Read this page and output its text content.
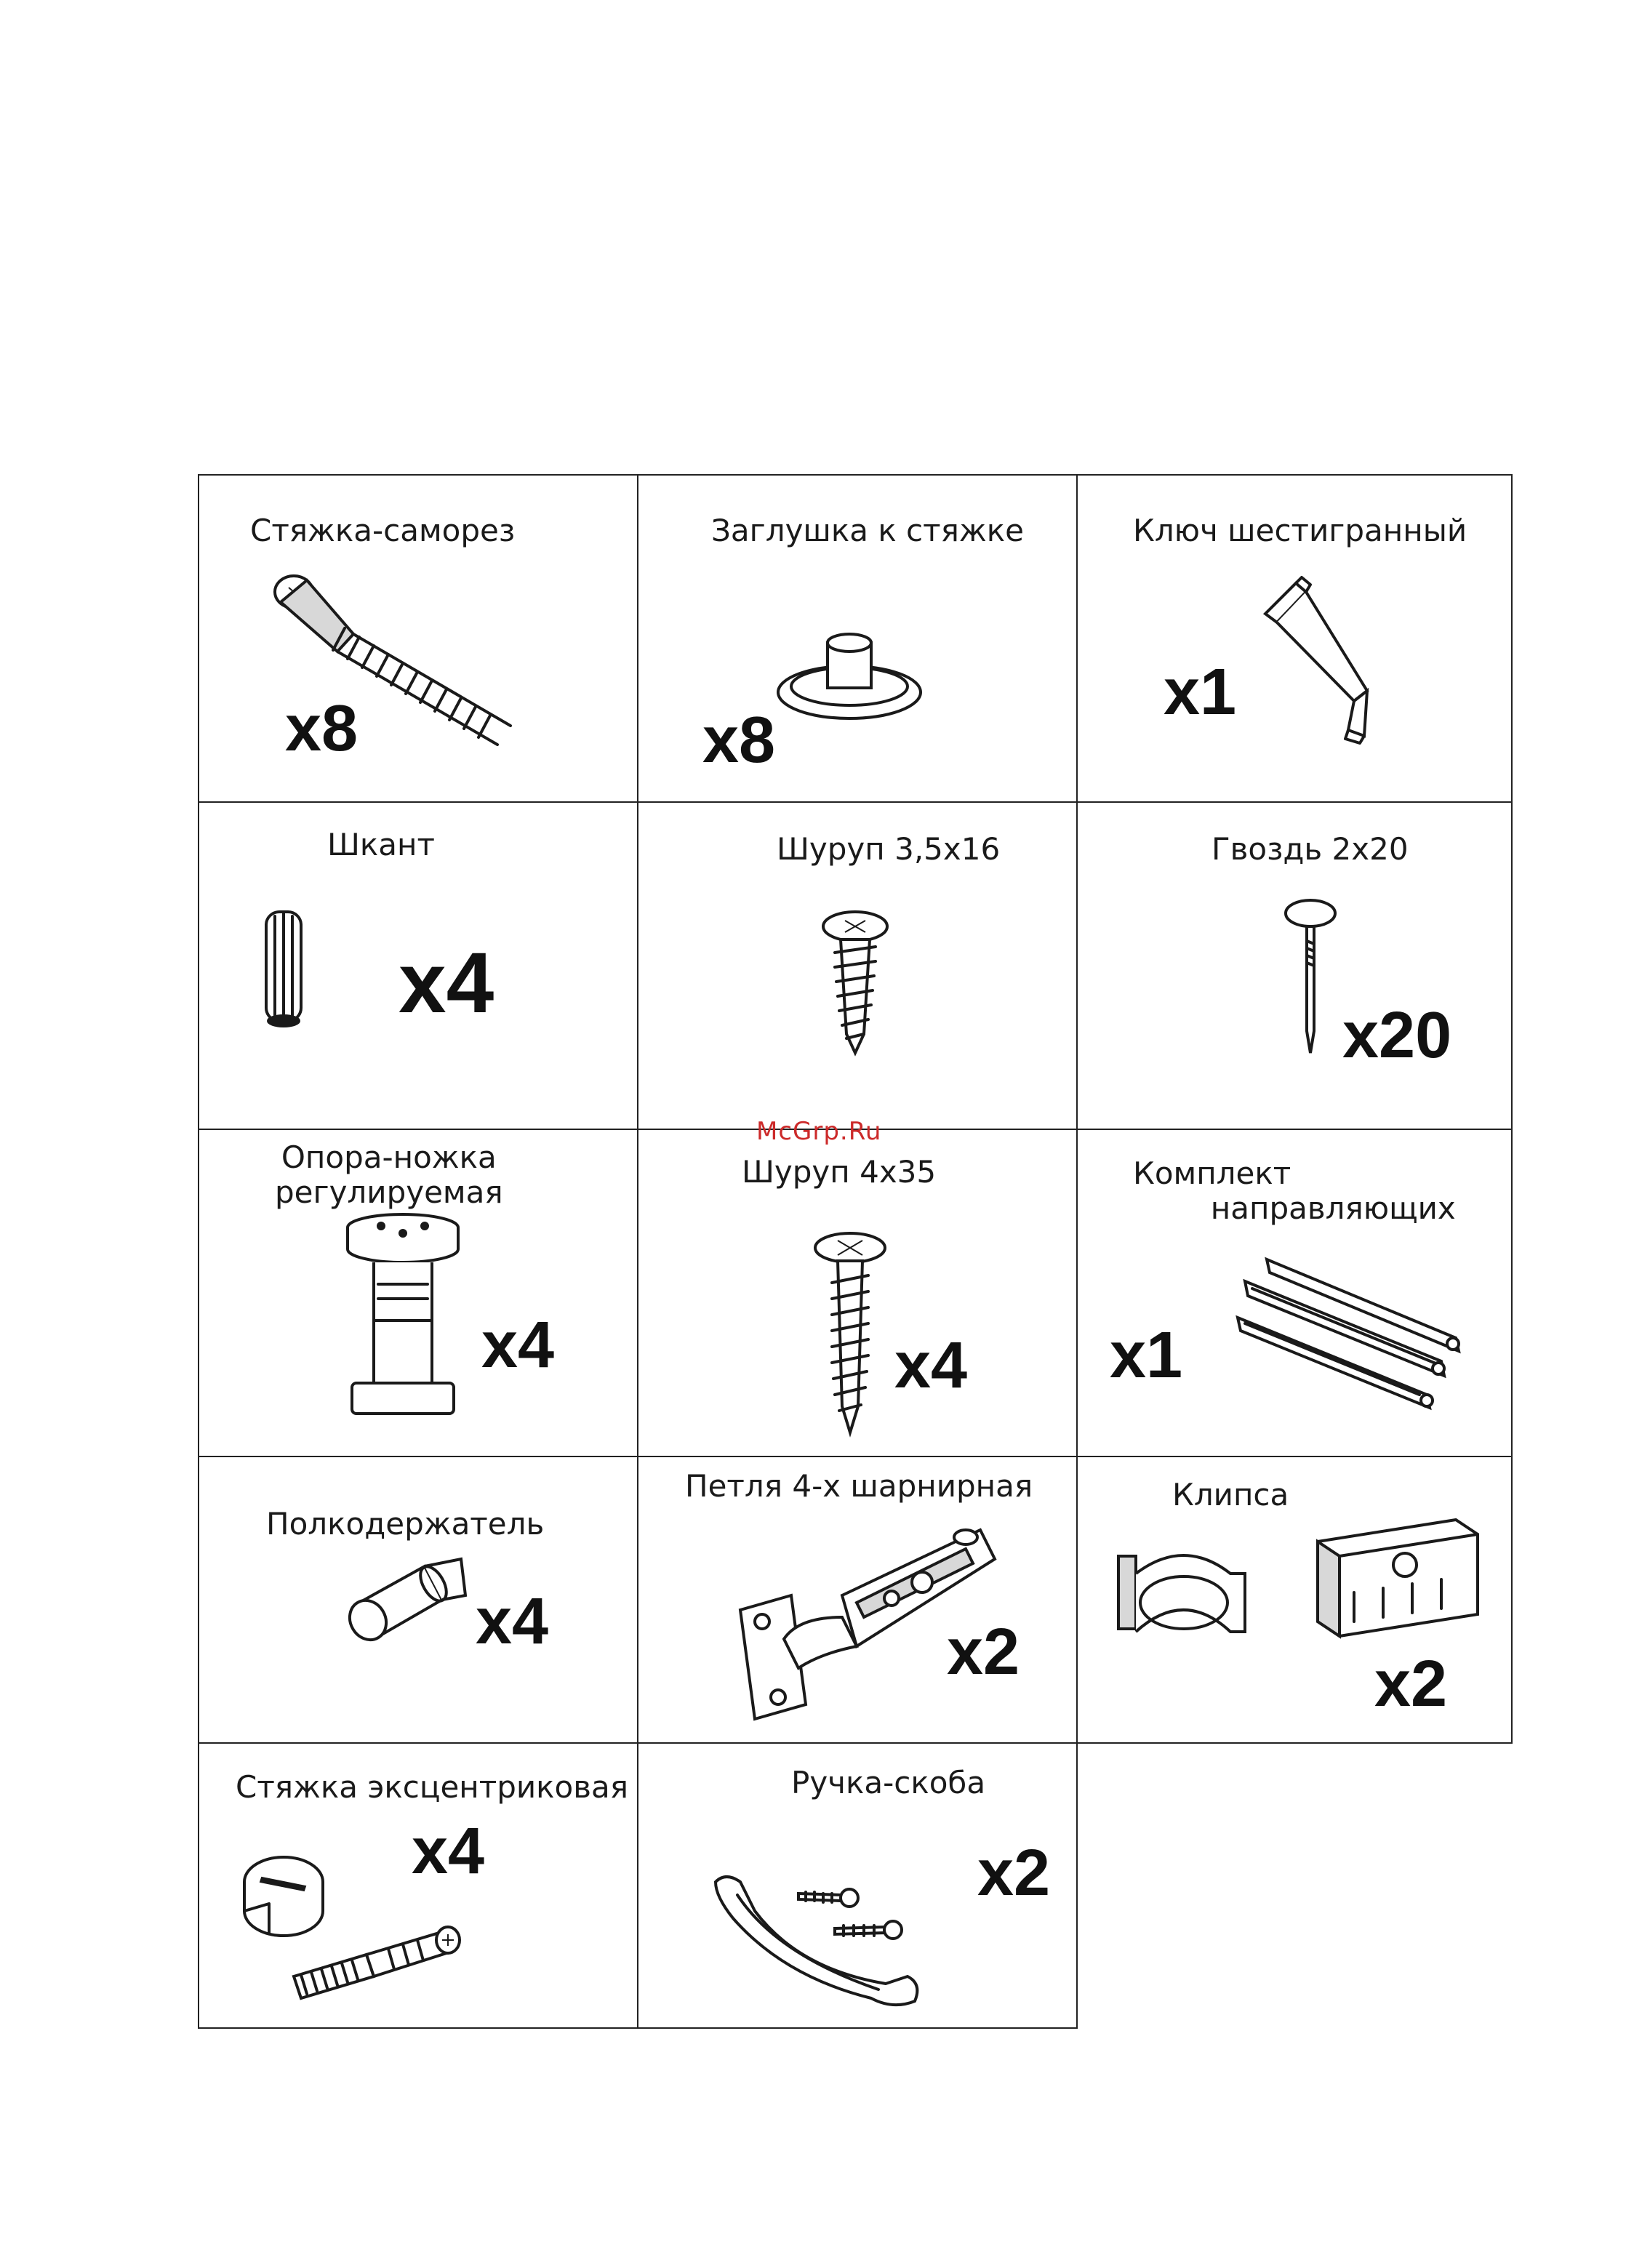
Стяжка-саморез
x8
Заглушка к стяжке
x8
Ключ шестигранный
x1
Шкант
x4
Шуруп 3,5х16	Гвоздь 2х20
x20
Опора-ножка
регулируемая
x4
Шуруп 4х35
x4
Комплект
направляющих
x1
Полкодержатель
x4
Петля 4-х шарнирная
x2
Клипса
x2
Стяжка эксцентриковая
x4
Ручка-скоба
x2
McGrp.Ru
